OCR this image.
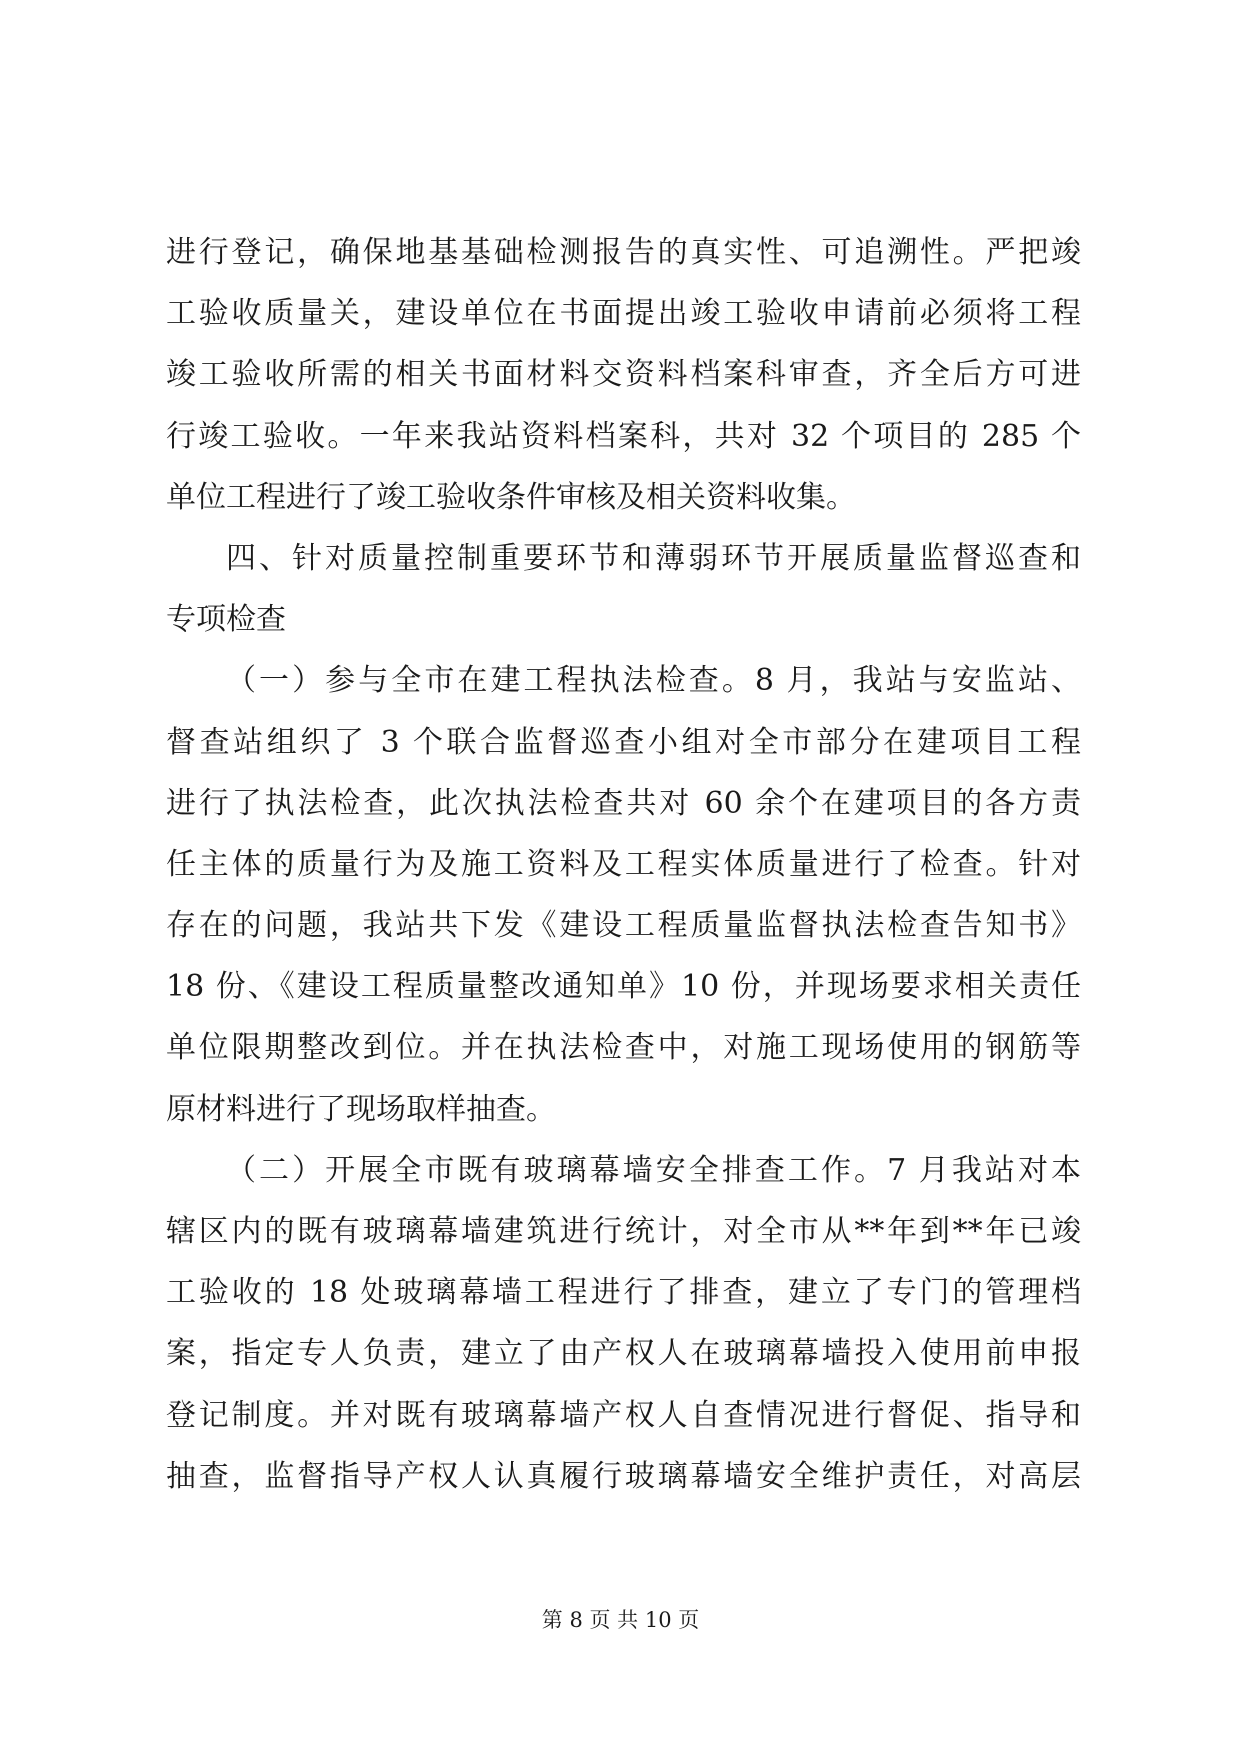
进行登记，确保地基基础检测报告的真实性、可追溯性。严把竣
工验收质量关，建设单位在书面提出竣工验收申请前必须将工程
竣工验收所需的相关书面材料交资料档案科审查，齐全后方可进
行竣工验收。一年来我站资料档案科，共对 32 个项目的 285 个
单位工程进行了竣工验收条件审核及相关资料收集。
四、针对质量控制重要环节和薄弱环节开展质量监督巡查和
专项检查
（一）参与全市在建工程执法检查。8 月，我站与安监站、
督查站组织了 3 个联合监督巡查小组对全市部分在建项目工程
进行了执法检查，此次执法检查共对 60 余个在建项目的各方责
任主体的质量行为及施工资料及工程实体质量进行了检查。针对
存在的问题，我站共下发《建设工程质量监督执法检查告知书》
18 份、《建设工程质量整改通知单》10 份，并现场要求相关责任
单位限期整改到位。并在执法检查中，对施工现场使用的钢筋等
原材料进行了现场取样抽查。
（二）开展全市既有玻璃幕墙安全排查工作。7 月我站对本
辖区内的既有玻璃幕墙建筑进行统计，对全市从**年到**年已竣
工验收的 18 处玻璃幕墙工程进行了排查，建立了专门的管理档
案，指定专人负责，建立了由产权人在玻璃幕墙投入使用前申报
登记制度。并对既有玻璃幕墙产权人自查情况进行督促、指导和
抽查，监督指导产权人认真履行玻璃幕墙安全维护责任，对高层
第 8 页 共 10 页
